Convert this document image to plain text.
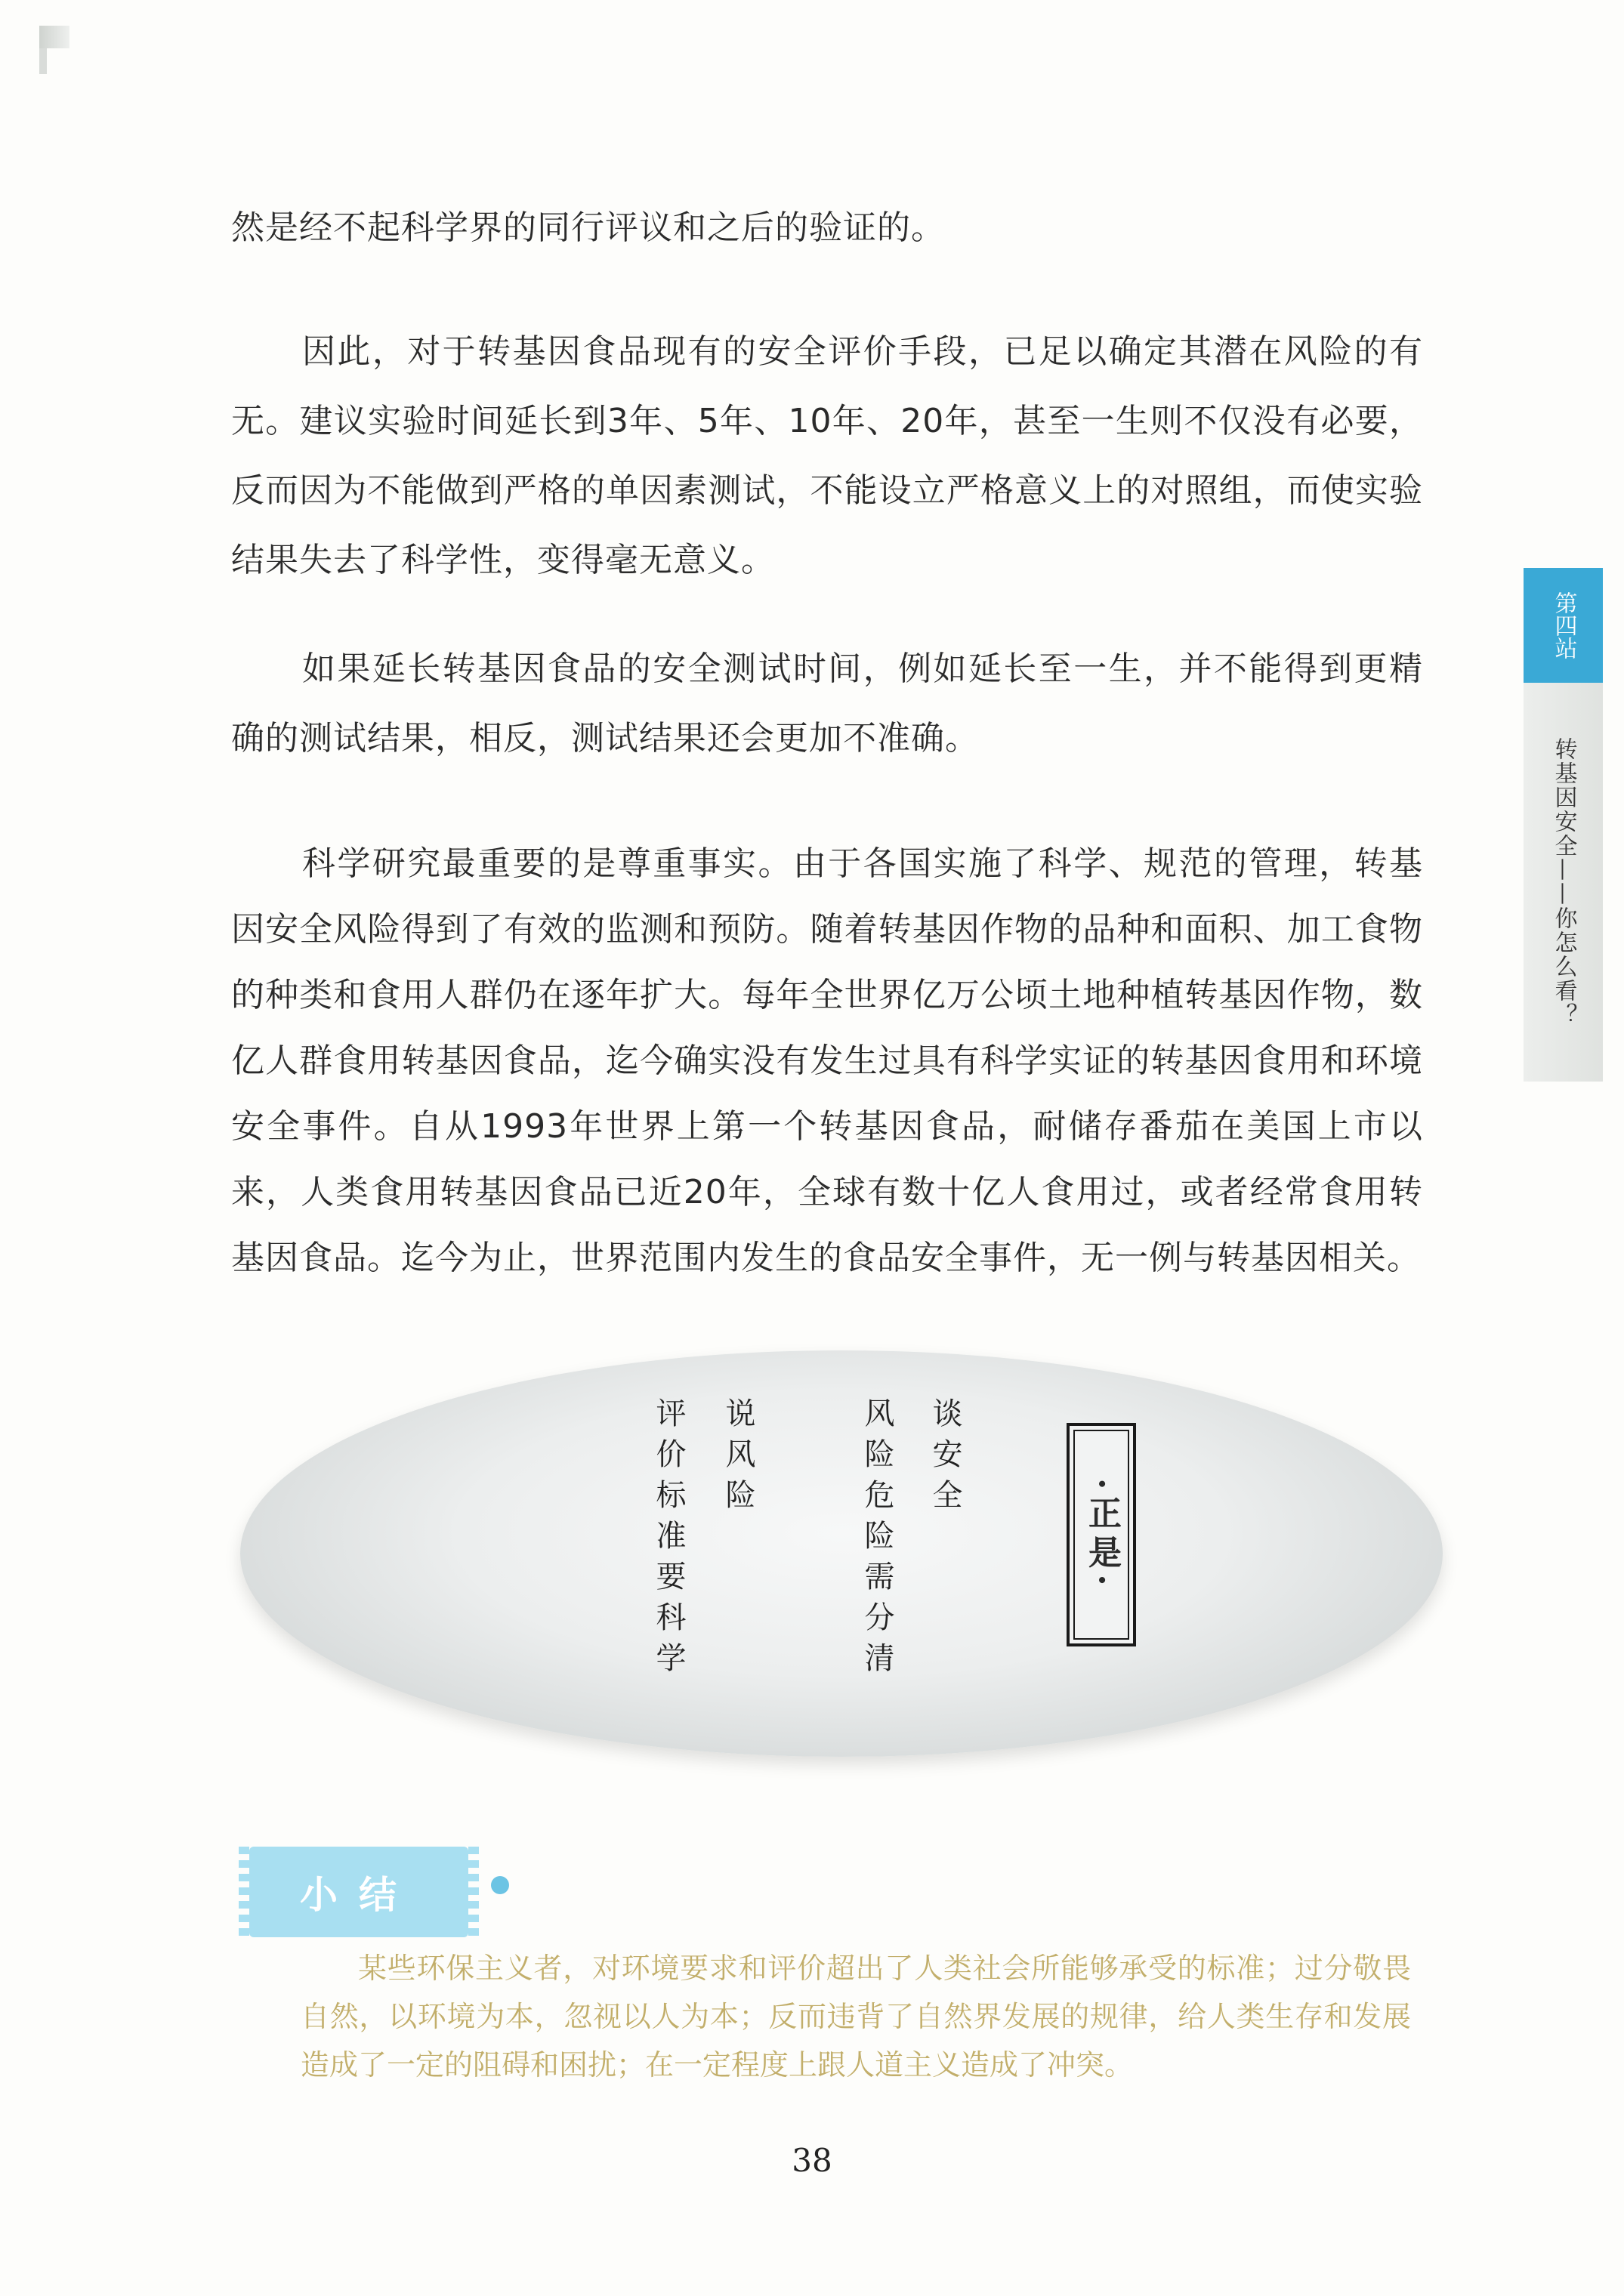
然是经不起科学界的同行评议和之后的验证的。

因此，对于转基因食品现有的安全评价手段，已足以确定其潜在风险的有无。建议实验时间延长到3年、5年、10年、20年，甚至一生则不仅没有必要，反而因为不能做到严格的单因素测试，不能设立严格意义上的对照组，而使实验结果失去了科学性，变得毫无意义。

如果延长转基因食品的安全测试时间，例如延长至一生，并不能得到更精确的测试结果，相反，测试结果还会更加不准确。

科学研究最重要的是尊重事实。由于各国实施了科学、规范的管理，转基因安全风险得到了有效的监测和预防。随着转基因作物的品种和面积、加工食物的种类和食用人群仍在逐年扩大。每年全世界亿万公顷土地种植转基因作物，数亿人群食用转基因食品，迄今确实没有发生过具有科学实证的转基因食用和环境安全事件。自从1993年世界上第一个转基因食品，耐储存番茄在美国上市以来，人类食用转基因食品已近20年，全球有数十亿人食用过，或者经常食用转基因食品。迄今为止，世界范围内发生的食品安全事件，无一例与转基因相关。

第四站
转基因安全——你怎么看？
·正是·
谈安全
风险危险需分清
说风险
评价标准要科学
小结

某些环保主义者，对环境要求和评价超出了人类社会所能够承受的标准；过分敬畏自然，以环境为本，忽视以人为本；反而违背了自然界发展的规律，给人类生存和发展造成了一定的阻碍和困扰；在一定程度上跟人道主义造成了冲突。

38
